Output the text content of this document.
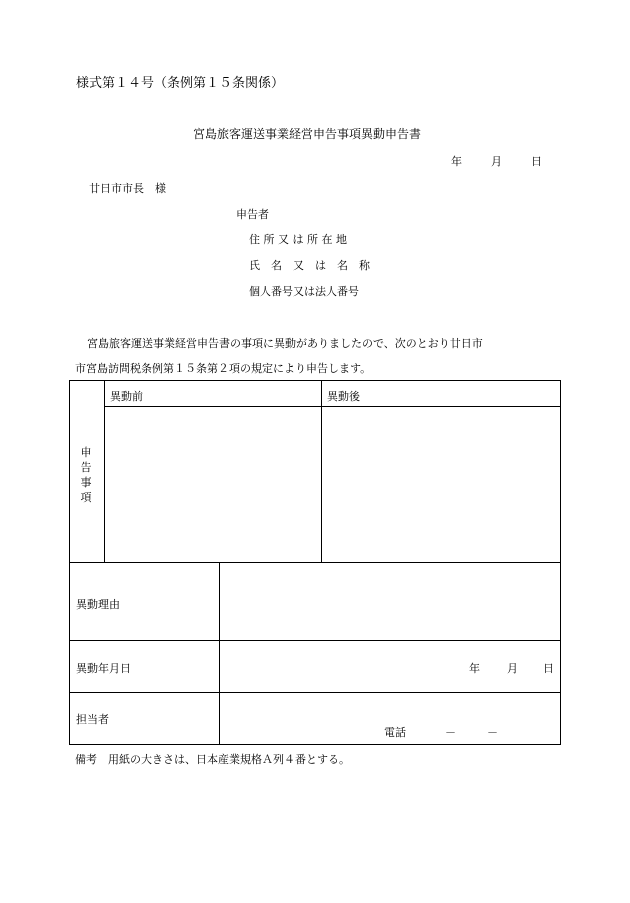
様式第１４号（条例第１５条関係）
宮島旅客運送事業経営申告事項異動申告書
年	月	日
廿日市市長　様
申告者
住 所 又 は 所 在 地
氏　名　又　は　名　称
個人番号又は法人番号
宮島旅客運送事業経営申告書の事項に異動がありましたので、次のとおり廿日市
市宮島訪問税条例第１５条第２項の規定により申告します。
申
告
事
項
異動前	異動後
異動理由
異動年月日	年 月 日
担当者
電話	－	－
備考　用紙の大きさは、日本産業規格Ａ列４番とする。
